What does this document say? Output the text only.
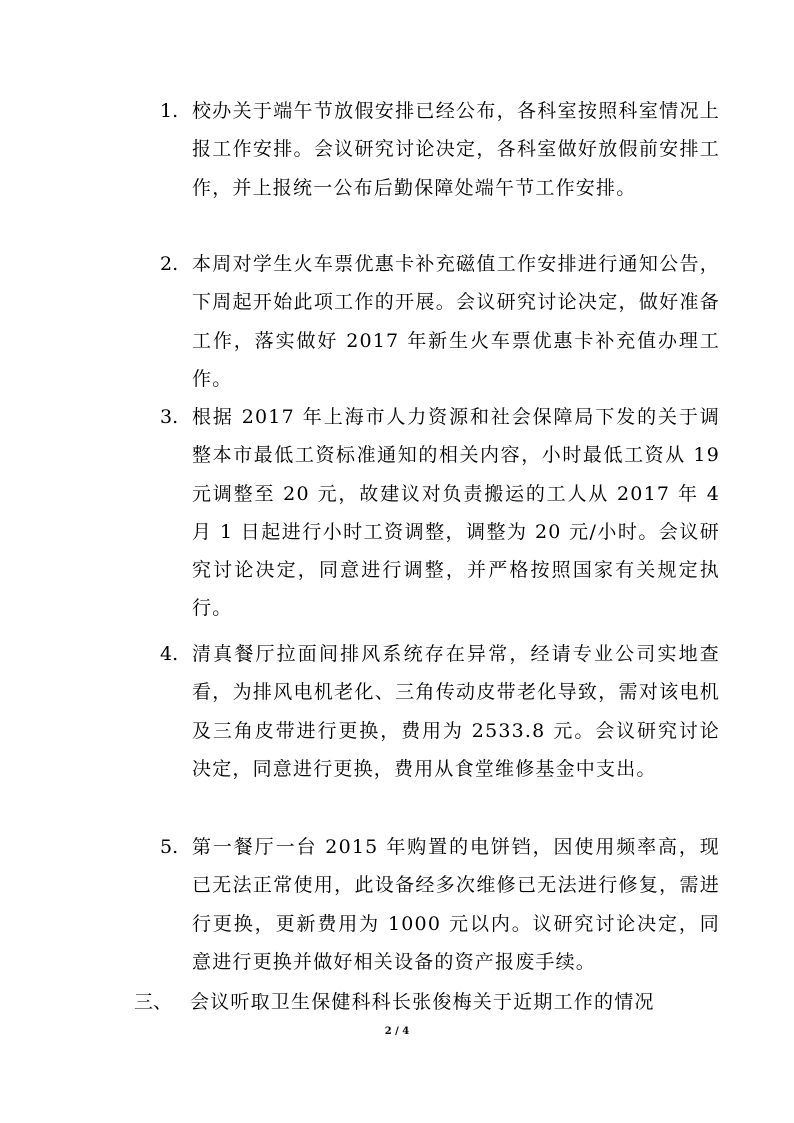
1. 校办关于端午节放假安排已经公布，各科室按照科室情况上报工作安排。会议研究讨论决定，各科室做好放假前安排工作，并上报统一公布后勤保障处端午节工作安排。
2. 本周对学生火车票优惠卡补充磁值工作安排进行通知公告，下周起开始此项工作的开展。会议研究讨论决定，做好准备工作，落实做好 2017 年新生火车票优惠卡补充值办理工作。
3. 根据 2017 年上海市人力资源和社会保障局下发的关于调整本市最低工资标准通知的相关内容，小时最低工资从 19 元调整至 20 元，故建议对负责搬运的工人从 2017 年 4 月 1 日起进行小时工资调整，调整为 20 元/小时。会议研究讨论决定，同意进行调整，并严格按照国家有关规定执行。
4. 清真餐厅拉面间排风系统存在异常，经请专业公司实地查看，为排风电机老化、三角传动皮带老化导致，需对该电机及三角皮带进行更换，费用为 2533.8 元。会议研究讨论决定，同意进行更换，费用从食堂维修基金中支出。
5. 第一餐厅一台 2015 年购置的电饼铛，因使用频率高，现已无法正常使用，此设备经多次维修已无法进行修复，需进行更换，更新费用为 1000 元以内。议研究讨论决定，同意进行更换并做好相关设备的资产报废手续。
三、 会议听取卫生保健科科长张俊梅关于近期工作的情况
2 / 4
